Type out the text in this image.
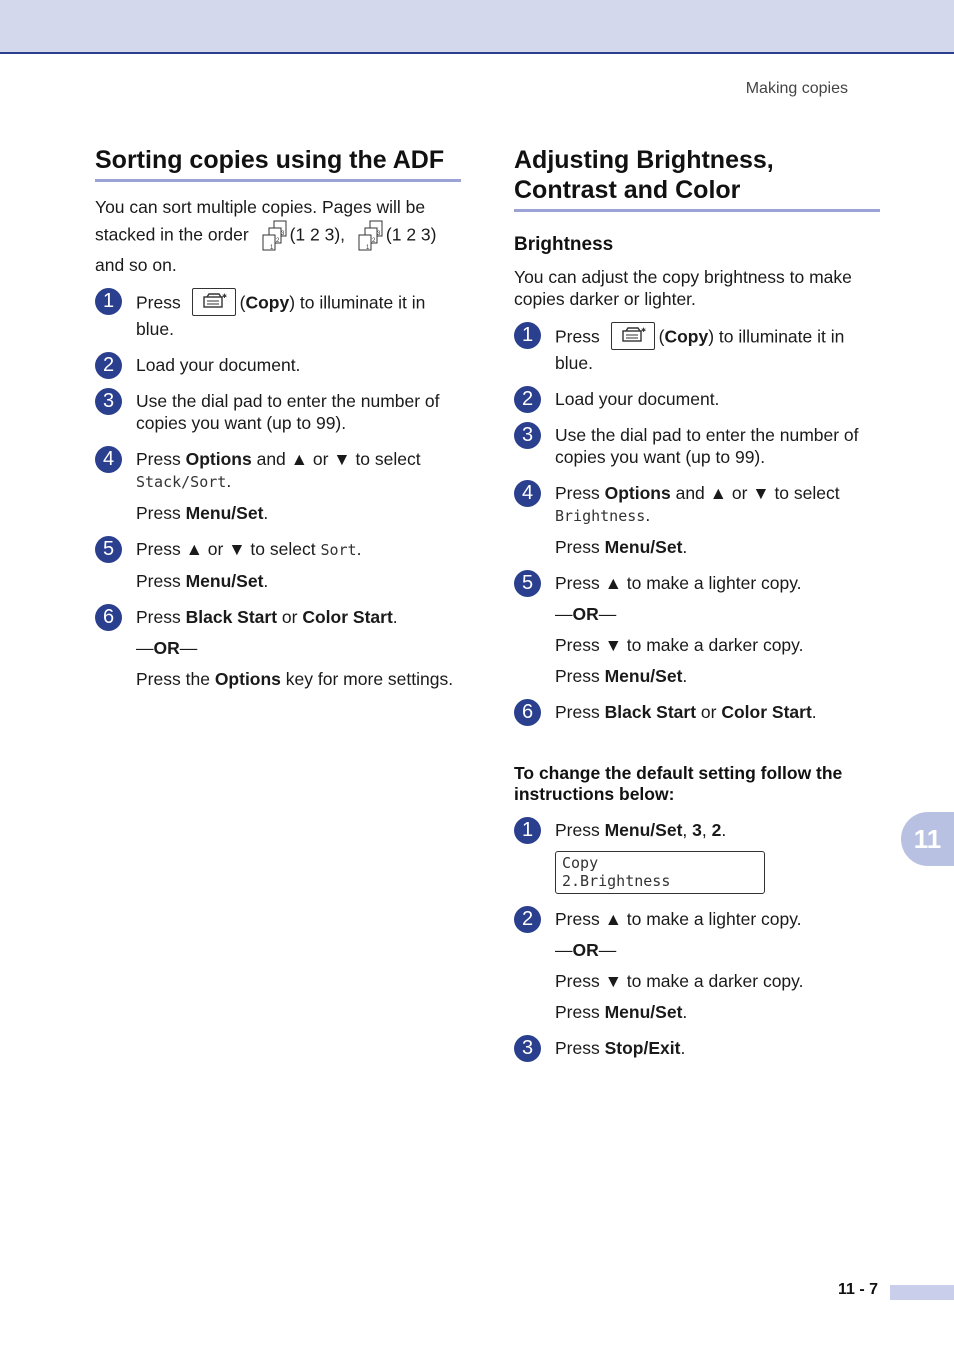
Making copies
Sorting copies using the ADF

You can sort multiple copies. Pages will be stacked in the order	3
2
1
(1 2 3),	3
2
1
(1 2 3) and so on.

1	Press	✱ (Copy) to illuminate it in blue.

2	Load your document.

3	Use the dial pad to enter the number of copies you want (up to 99).

4	Press Options and ▲ or ▼ to select Stack/Sort.

Press Menu/Set.

5	Press ▲ or ▼ to select Sort.

Press Menu/Set.

6	Press Black Start or Color Start.

—OR—

Press the Options key for more settings.

Adjusting Brightness, Contrast and Color
Brightness

You can adjust the copy brightness to make copies darker or lighter.

1	Press	✱ (Copy) to illuminate it in blue.

2	Load your document.

3	Use the dial pad to enter the number of copies you want (up to 99).

4	Press Options and ▲ or ▼ to select Brightness.

Press Menu/Set.

5	Press ▲ to make a lighter copy.

—OR—

Press ▼ to make a darker copy.

Press Menu/Set.

6	Press Black Start or Color Start.

To change the default setting follow the instructions below:
1	Press Menu/Set, 3, 2.

Copy
2.Brightness
2	Press ▲ to make a lighter copy.

—OR—

Press ▼ to make a darker copy.

Press Menu/Set.

3	Press Stop/Exit.

11
11 - 7
